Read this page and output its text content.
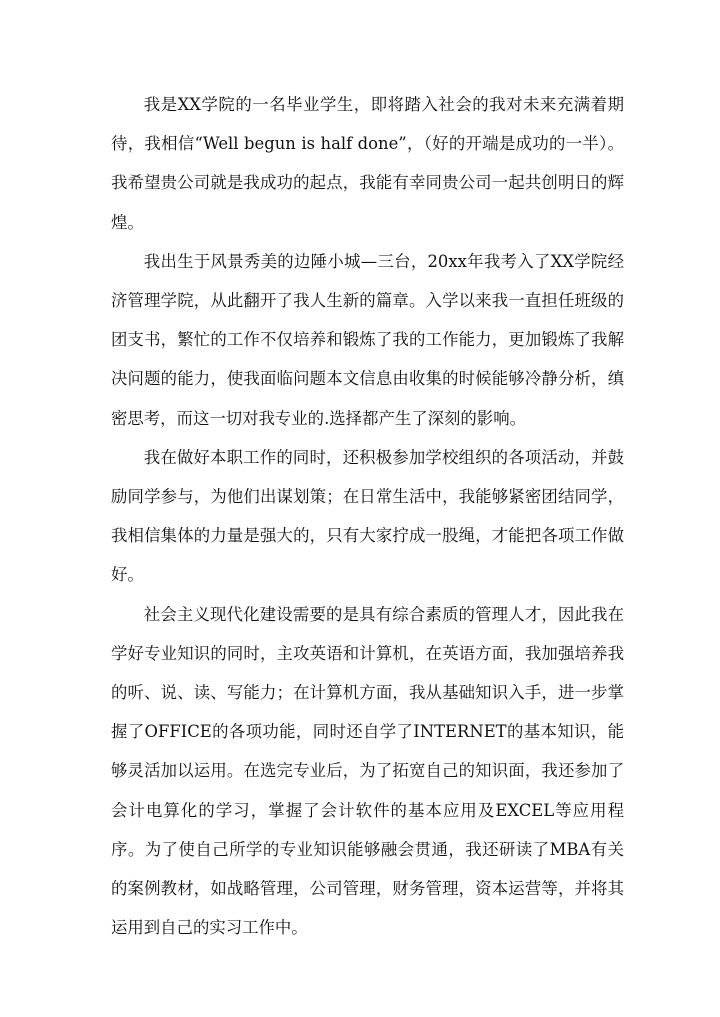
我是XX学院的一名毕业学生，即将踏入社会的我对未来充满着期待，我相信“Well begun is half done”，（好的开端是成功的一半）。我希望贵公司就是我成功的起点，我能有幸同贵公司一起共创明日的辉煌。

我出生于风景秀美的边陲小城—三台，20xx年我考入了XX学院经济管理学院，从此翻开了我人生新的篇章。入学以来我一直担任班级的团支书，繁忙的工作不仅培养和锻炼了我的工作能力，更加锻炼了我解决问题的能力，使我面临问题本文信息由收集的时候能够冷静分析，缜密思考，而这一切对我专业的.选择都产生了深刻的影响。

我在做好本职工作的同时，还积极参加学校组织的各项活动，并鼓励同学参与，为他们出谋划策；在日常生活中，我能够紧密团结同学，我相信集体的力量是强大的，只有大家拧成一股绳，才能把各项工作做好。

社会主义现代化建设需要的是具有综合素质的管理人才，因此我在学好专业知识的同时，主攻英语和计算机，在英语方面，我加强培养我的听、说、读、写能力；在计算机方面，我从基础知识入手，进一步掌握了OFFICE的各项功能，同时还自学了INTERNET的基本知识，能够灵活加以运用。在选完专业后，为了拓宽自己的知识面，我还参加了会计电算化的学习，掌握了会计软件的基本应用及EXCEL等应用程序。为了使自己所学的专业知识能够融会贯通，我还研读了MBA有关的案例教材，如战略管理，公司管理，财务管理，资本运营等，并将其运用到自己的实习工作中。
